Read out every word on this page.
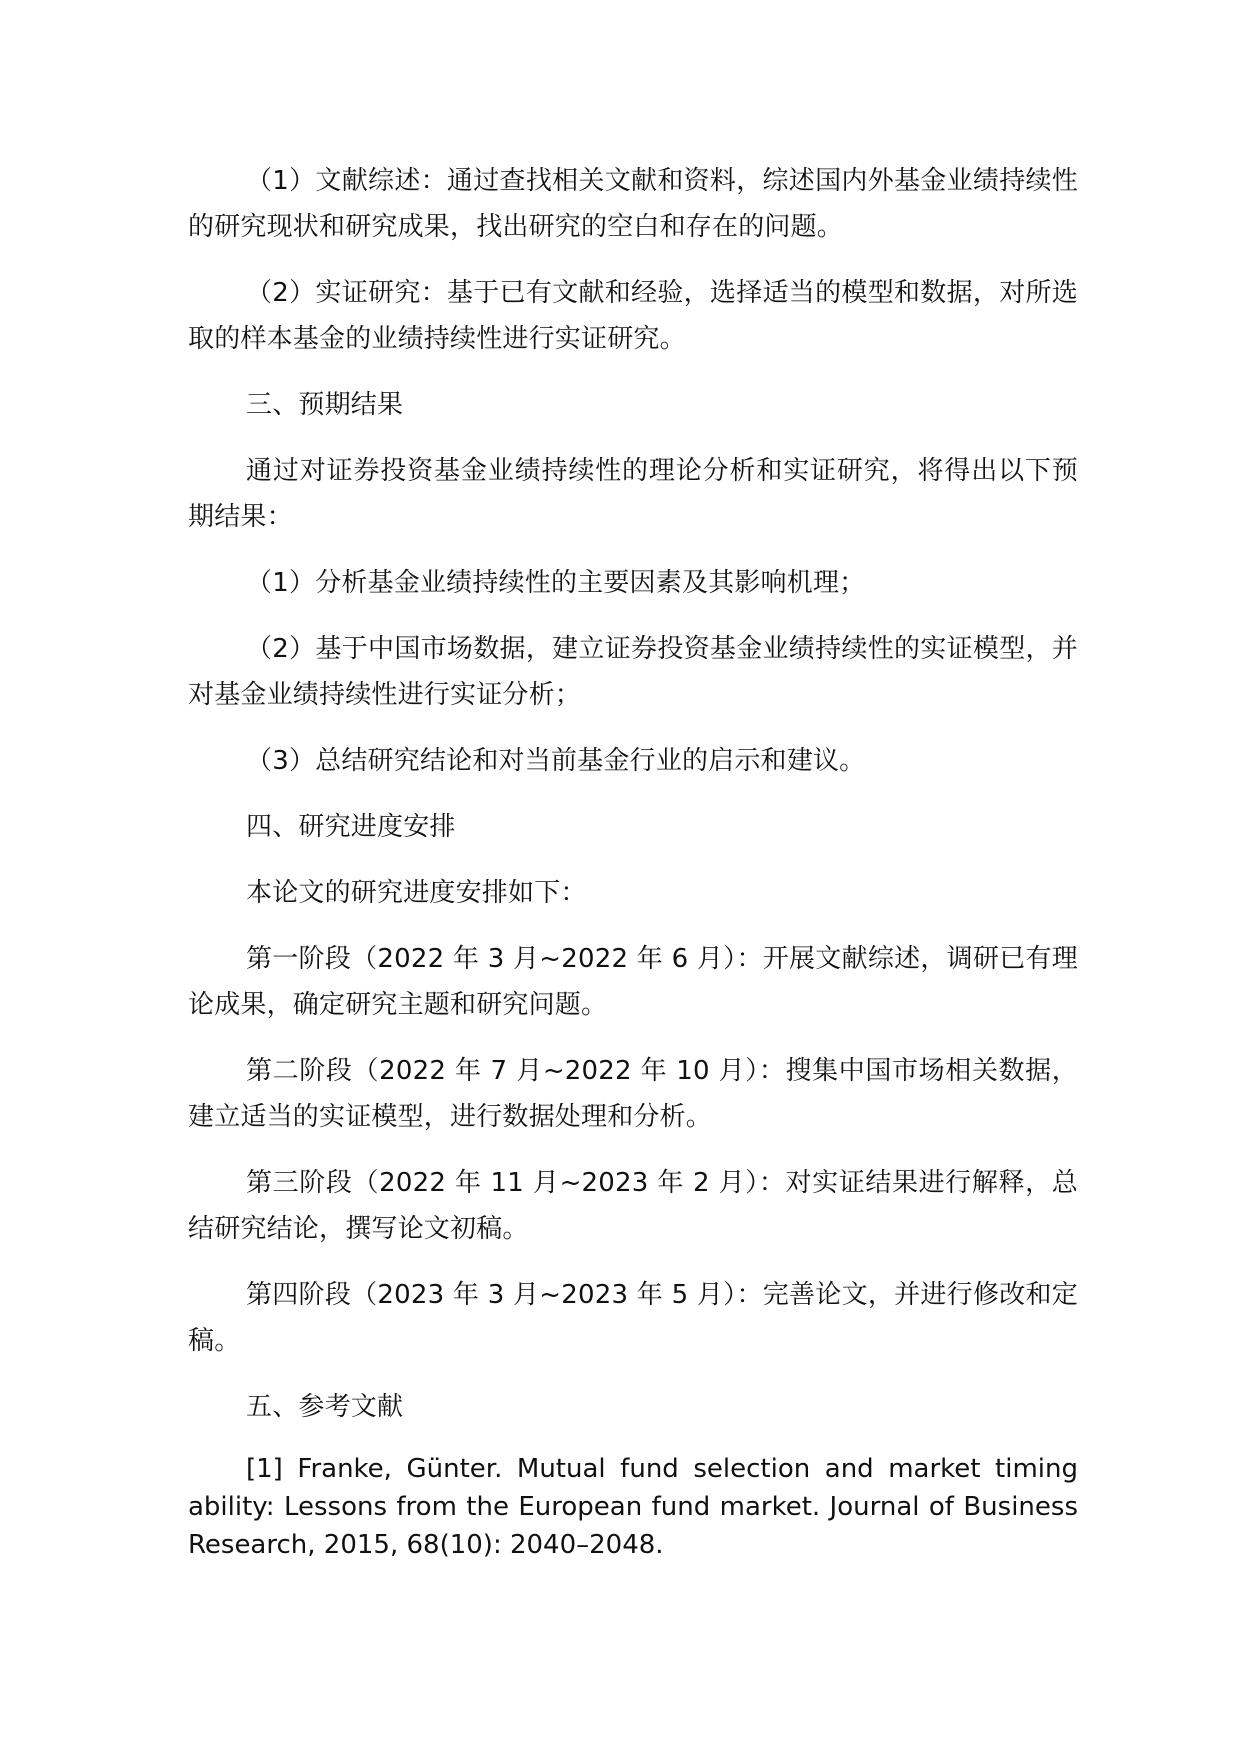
（1）文献综述：通过查找相关文献和资料，综述国内外基金业绩持续性的研究现状和研究成果，找出研究的空白和存在的问题。

（2）实证研究：基于已有文献和经验，选择适当的模型和数据，对所选取的样本基金的业绩持续性进行实证研究。

三、预期结果

通过对证券投资基金业绩持续性的理论分析和实证研究，将得出以下预期结果：

（1）分析基金业绩持续性的主要因素及其影响机理；

（2）基于中国市场数据，建立证券投资基金业绩持续性的实证模型，并对基金业绩持续性进行实证分析；

（3）总结研究结论和对当前基金行业的启示和建议。

四、研究进度安排

本论文的研究进度安排如下：

第一阶段（2022 年 3 月~2022 年 6 月）：开展文献综述，调研已有理论成果，确定研究主题和研究问题。

第二阶段（2022 年 7 月~2022 年 10 月）：搜集中国市场相关数据，建立适当的实证模型，进行数据处理和分析。

第三阶段（2022 年 11 月~2023 年 2 月）：对实证结果进行解释，总结研究结论，撰写论文初稿。

第四阶段（2023 年 3 月~2023 年 5 月）：完善论文，并进行修改和定稿。

五、参考文献

[1] Franke, Günter. Mutual fund selection and market timing ability: Lessons from the European fund market. Journal of Business Research, 2015, 68(10): 2040–2048.
